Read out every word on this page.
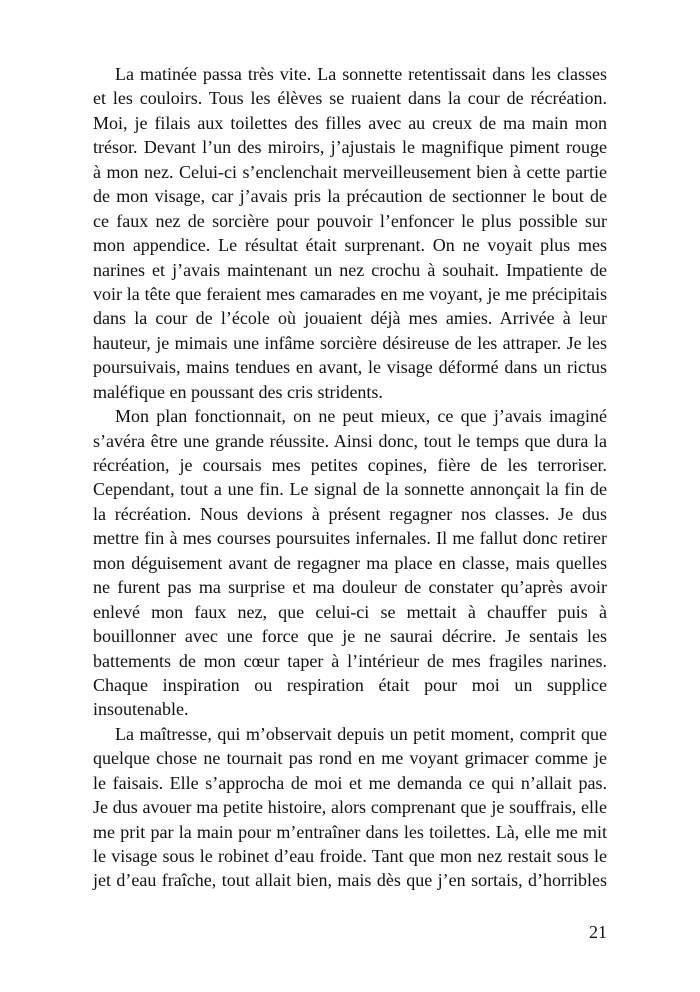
La matinée passa très vite. La sonnette retentissait dans les classes
et les couloirs. Tous les élèves se ruaient dans la cour de récréation.
Moi, je filais aux toilettes des filles avec au creux de ma main mon
trésor. Devant l’un des miroirs, j’ajustais le magnifique piment rouge
à mon nez. Celui-ci s’enclenchait merveilleusement bien à cette partie
de mon visage, car j’avais pris la précaution de sectionner le bout de
ce faux nez de sorcière pour pouvoir l’enfoncer le plus possible sur
mon appendice. Le résultat était surprenant. On ne voyait plus mes
narines et j’avais maintenant un nez crochu à souhait. Impatiente de
voir la tête que feraient mes camarades en me voyant, je me précipitais
dans la cour de l’école où jouaient déjà mes amies. Arrivée à leur
hauteur, je mimais une infâme sorcière désireuse de les attraper. Je les
poursuivais, mains tendues en avant, le visage déformé dans un rictus
maléfique en poussant des cris stridents.
Mon plan fonctionnait, on ne peut mieux, ce que j’avais imaginé
s’avéra être une grande réussite. Ainsi donc, tout le temps que dura la
récréation, je coursais mes petites copines, fière de les terroriser.
Cependant, tout a une fin. Le signal de la sonnette annonçait la fin de
la récréation. Nous devions à présent regagner nos classes. Je dus
mettre fin à mes courses poursuites infernales. Il me fallut donc retirer
mon déguisement avant de regagner ma place en classe, mais quelles
ne furent pas ma surprise et ma douleur de constater qu’après avoir
enlevé mon faux nez, que celui-ci se mettait à chauffer puis à
bouillonner avec une force que je ne saurai décrire. Je sentais les
battements de mon cœur taper à l’intérieur de mes fragiles narines.
Chaque inspiration ou respiration était pour moi un supplice
insoutenable.
La maîtresse, qui m’observait depuis un petit moment, comprit que
quelque chose ne tournait pas rond en me voyant grimacer comme je
le faisais. Elle s’approcha de moi et me demanda ce qui n’allait pas.
Je dus avouer ma petite histoire, alors comprenant que je souffrais, elle
me prit par la main pour m’entraîner dans les toilettes. Là, elle me mit
le visage sous le robinet d’eau froide. Tant que mon nez restait sous le
jet d’eau fraîche, tout allait bien, mais dès que j’en sortais, d’horribles
21
